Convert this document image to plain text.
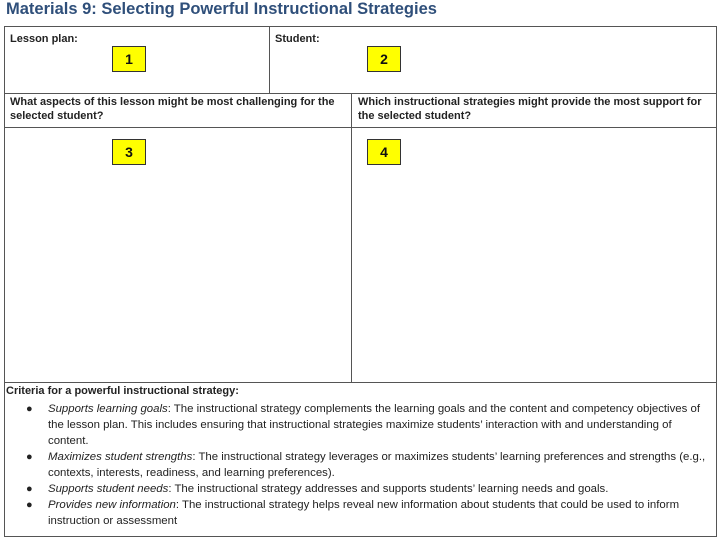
Materials 9: Selecting Powerful Instructional Strategies
Lesson plan:
1
Student:
2
What aspects of this lesson might be most challenging for the selected student?
Which instructional strategies might provide the most support for the selected student?
3	4
Criteria for a powerful instructional strategy:
● Supports learning goals: The instructional strategy complements the learning goals and the content and competency objectives of the lesson plan. This includes ensuring that instructional strategies maximize students’ interaction with and understanding of content.
● Maximizes student strengths: The instructional strategy leverages or maximizes students’ learning preferences and strengths (e.g., contexts, interests, readiness, and learning preferences).
● Supports student needs: The instructional strategy addresses and supports students’ learning needs and goals.
● Provides new information: The instructional strategy helps reveal new information about students that could be used to inform instruction or assessment
